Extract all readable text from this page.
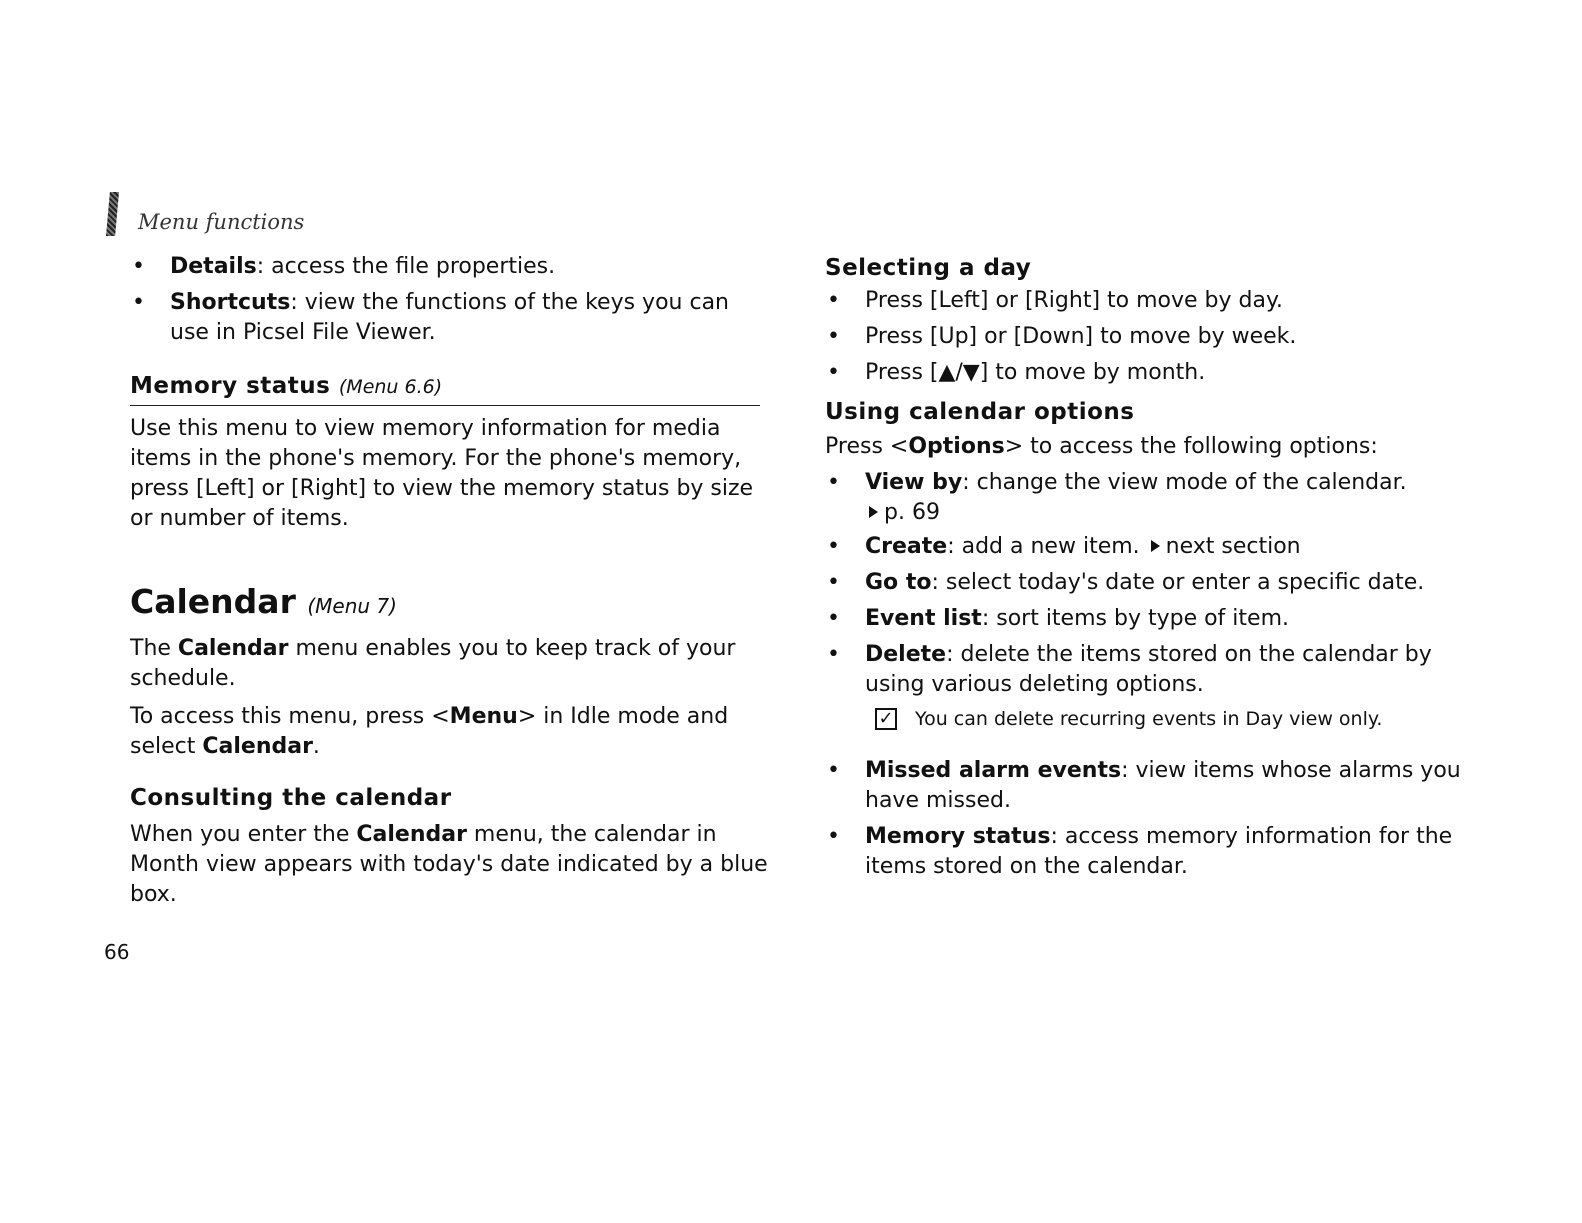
Menu functions
• Details: access the file properties.
• Shortcuts: view the functions of the keys you can use in Picsel File Viewer.
Memory status (Menu 6.6)

Use this menu to view memory information for media items in the phone's memory. For the phone's memory, press [Left] or [Right] to view the memory status by size or number of items.

Calendar (Menu 7)

The Calendar menu enables you to keep track of your schedule.

To access this menu, press <Menu> in Idle mode and select Calendar.

Consulting the calendar

When you enter the Calendar menu, the calendar in Month view appears with today's date indicated by a blue box.

Selecting a day
• Press [Left] or [Right] to move by day.
• Press [Up] or [Down] to move by week.
• Press [▲/▼] to move by month.
Using calendar options

Press <Options> to access the following options:

• View by: change the view mode of the calendar.
p. 69
• Create: add a new item. next section
• Go to: select today's date or enter a specific date.
• Event list: sort items by type of item.
• Delete: delete the items stored on the calendar by using various deleting options.
✓ You can delete recurring events in Day view only.
• Missed alarm events: view items whose alarms you have missed.
• Memory status: access memory information for the items stored on the calendar.
66
